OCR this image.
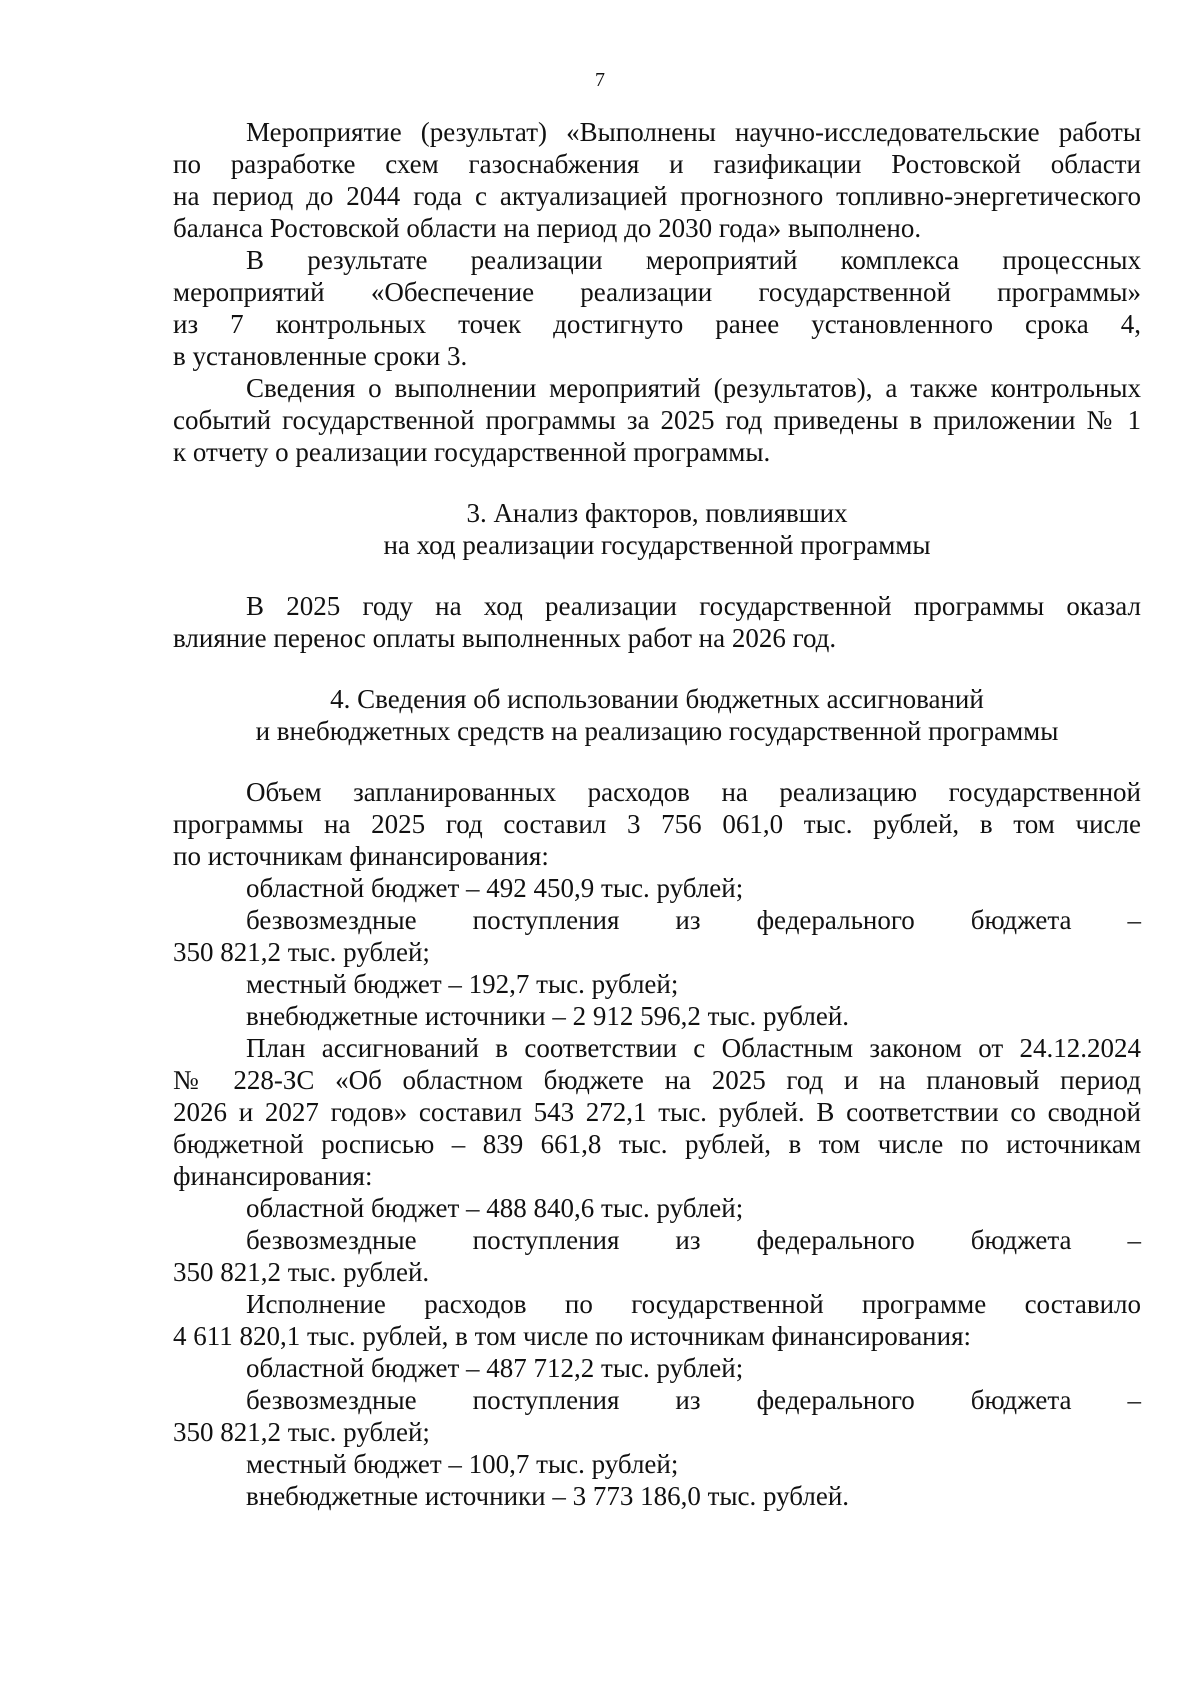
7

Мероприятие (результат) «Выполнены научно-исследовательские работы

по разработке схем газоснабжения и газификации Ростовской области

на период до 2044 года с актуализацией прогнозного топливно-энергетического

баланса Ростовской области на период до 2030 года» выполнено.

В результате реализации мероприятий комплекса процессных

мероприятий «Обеспечение реализации государственной программы»

из 7 контрольных точек достигнуто ранее установленного срока 4,

в установленные сроки 3.

Сведения о выполнении мероприятий (результатов), а также контрольных

событий государственной программы за 2025 год приведены в приложении № 1

к отчету о реализации государственной программы.

3. Анализ факторов, повлиявших

на ход реализации государственной программы

В 2025 году на ход реализации государственной программы оказал

влияние перенос оплаты выполненных работ на 2026 год.

4. Сведения об использовании бюджетных ассигнований

и внебюджетных средств на реализацию государственной программы

Объем запланированных расходов на реализацию государственной

программы на 2025 год составил 3 756 061,0 тыс. рублей, в том числе

по источникам финансирования:

областной бюджет – 492 450,9 тыс. рублей;

безвозмездные поступления из федерального бюджета –

350 821,2 тыс. рублей;

местный бюджет – 192,7 тыс. рублей;

внебюджетные источники – 2 912 596,2 тыс. рублей.

План ассигнований в соответствии с Областным законом от 24.12.2024

№ 228-ЗС «Об областном бюджете на 2025 год и на плановый период

2026 и 2027 годов» составил 543 272,1 тыс. рублей. В соответствии со сводной

бюджетной росписью – 839 661,8 тыс. рублей, в том числе по источникам

финансирования:

областной бюджет – 488 840,6 тыс. рублей;

безвозмездные поступления из федерального бюджета –

350 821,2 тыс. рублей.

Исполнение расходов по государственной программе составило

4 611 820,1 тыс. рублей, в том числе по источникам финансирования:

областной бюджет – 487 712,2 тыс. рублей;

безвозмездные поступления из федерального бюджета –

350 821,2 тыс. рублей;

местный бюджет – 100,7 тыс. рублей;

внебюджетные источники – 3 773 186,0 тыс. рублей.
